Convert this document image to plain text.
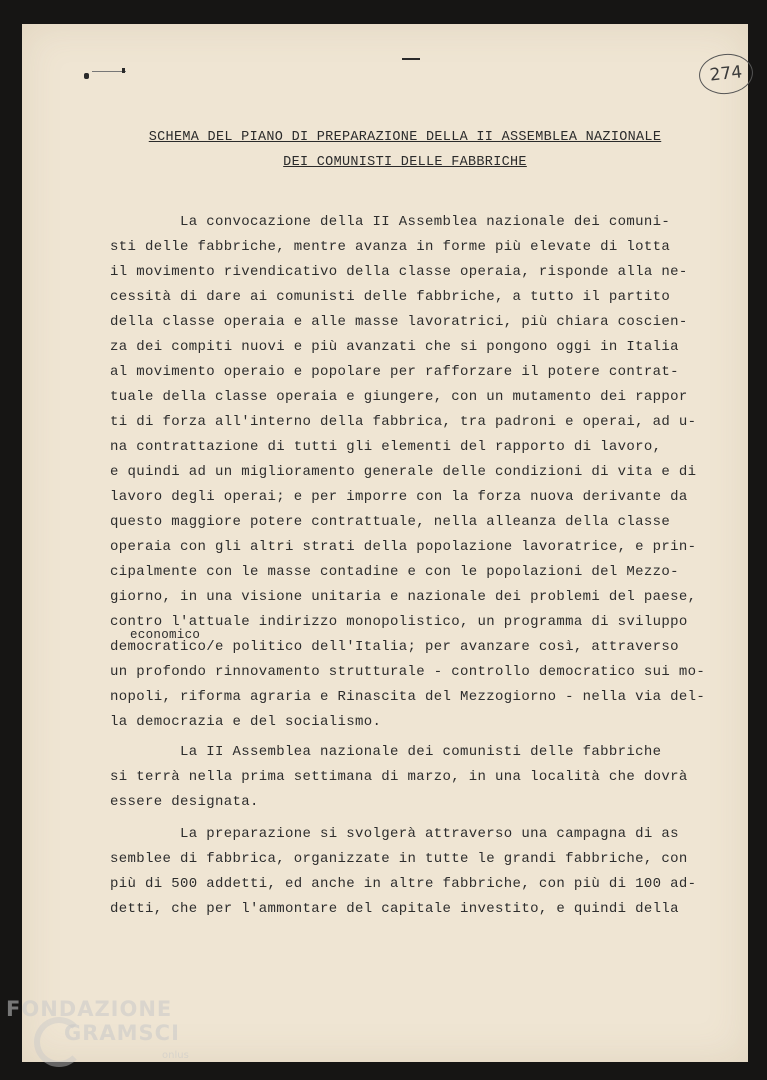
274
SCHEMA DEL PIANO DI PREPARAZIONE DELLA II ASSEMBLEA NAZIONALE
DEI COMUNISTI DELLE FABBRICHE
economico
La convocazione della II Assemblea nazionale dei comuni-
sti delle fabbriche, mentre avanza in forme più elevate di lotta
il movimento rivendicativo della classe operaia, risponde alla ne-
cessità di dare ai comunisti delle fabbriche, a tutto il partito
della classe operaia e alle masse lavoratrici, più chiara coscien-
za dei compiti nuovi e più avanzati che si pongono oggi in Italia
al movimento operaio e popolare per rafforzare il potere contrat-
tuale della classe operaia e giungere, con un mutamento dei rappor
ti di forza all'interno della fabbrica, tra padroni e operai, ad u-
na contrattazione di tutti gli elementi del rapporto di lavoro,
e quindi ad un miglioramento generale delle condizioni di vita e di
lavoro degli operai; e per imporre con la forza nuova derivante da
questo maggiore potere contrattuale, nella alleanza della classe
operaia con gli altri strati della popolazione lavoratrice, e prin-
cipalmente con le masse contadine e con le popolazioni del Mezzo-
giorno, in una visione unitaria e nazionale dei problemi del paese,
contro l'attuale indirizzo monopolistico, un programma di sviluppo
democratico/e politico dell'Italia; per avanzare così, attraverso
un profondo rinnovamento strutturale - controllo democratico sui mo-
nopoli, riforma agraria e Rinascita del Mezzogiorno - nella via del-
la democrazia e del socialismo.
La II Assemblea nazionale dei comunisti delle fabbriche
si terrà nella prima settimana di marzo, in una località che dovrà
essere designata.
La preparazione si svolgerà attraverso una campagna di as
semblee di fabbrica, organizzate in tutte le grandi fabbriche, con
più di 500 addetti, ed anche in altre fabbriche, con più di 100 ad-
detti, che per l'ammontare del capitale investito, e quindi della
FONDAZIONE
GRAMSCI
onlus
